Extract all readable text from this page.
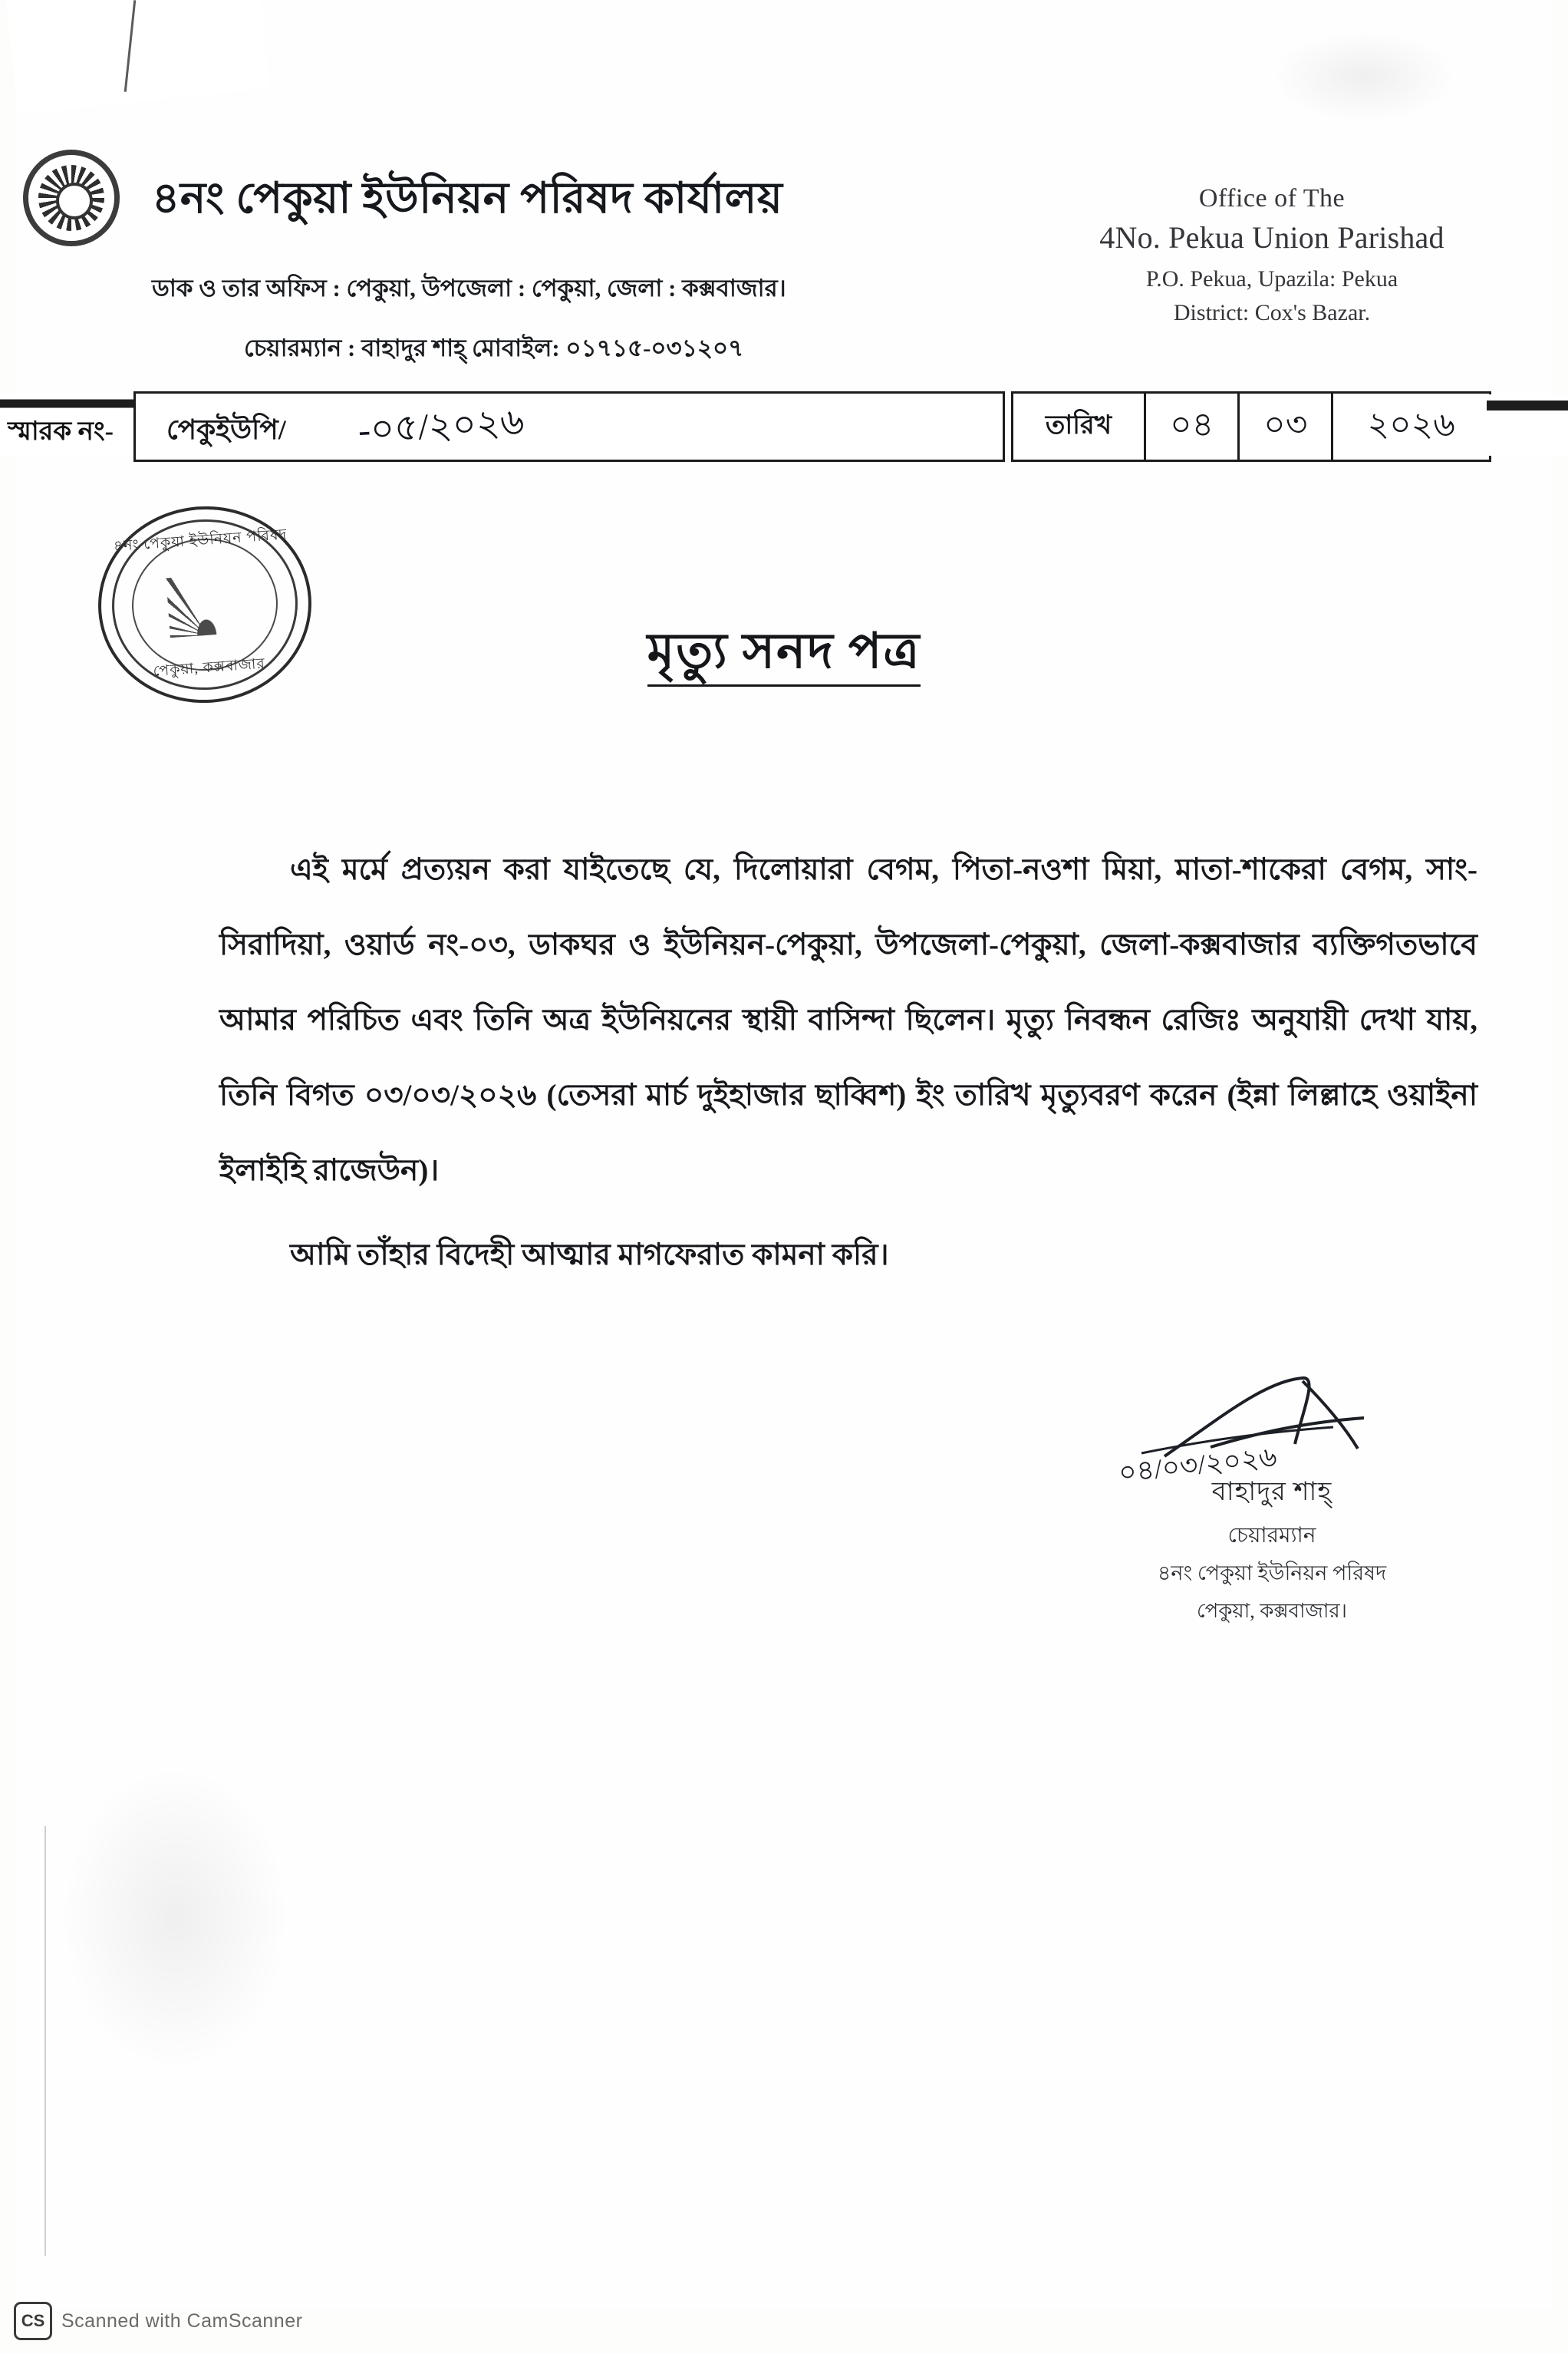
৪নং পেকুয়া ইউনিয়ন পরিষদ কার্যালয়
ডাক ও তার অফিস : পেকুয়া, উপজেলা : পেকুয়া, জেলা : কক্সবাজার।
চেয়ারম্যান : বাহাদুর শাহ্‌ মোবাইল: ০১৭১৫-০৩১২০৭
Office of The
4No. Pekua Union Parishad
P.O. Pekua, Upazila: Pekua
District: Cox's Bazar.
স্মারক নং- পেকুইউপি/ -০৫/২০২৬	তারিখ	০৪	০৩	২০২৬
৪নং পেকুয়া ইউনিয়ন পরিষদ
পেকুয়া, কক্সবাজার	মৃত্যু সনদ পত্র

এই মর্মে প্রত্যয়ন করা যাইতেছে যে, দিলোয়ারা বেগম, পিতা-নওশা মিয়া, মাতা-শাকেরা বেগম, সাং-সিরাদিয়া, ওয়ার্ড নং-০৩, ডাকঘর ও ইউনিয়ন-পেকুয়া, উপজেলা-পেকুয়া, জেলা-কক্সবাজার ব্যক্তিগতভাবে আমার পরিচিত এবং তিনি অত্র ইউনিয়নের স্থায়ী বাসিন্দা ছিলেন। মৃত্যু নিবন্ধন রেজিঃ অনুযায়ী দেখা যায়, তিনি বিগত ০৩/০৩/২০২৬ (তেসরা মার্চ দুইহাজার ছাব্বিশ) ইং তারিখ মৃত্যুবরণ করেন (ইন্না লিল্লাহে ওয়াইনা ইলাইহি রাজেউন)।

আমি তাঁহার বিদেহী আত্মার মাগফেরাত কামনা করি।

০৪/০৩/২০২৬
বাহাদুর শাহ্‌
চেয়ারম্যান
৪নং পেকুয়া ইউনিয়ন পরিষদ
পেকুয়া, কক্সবাজার।
CS Scanned with CamScanner
